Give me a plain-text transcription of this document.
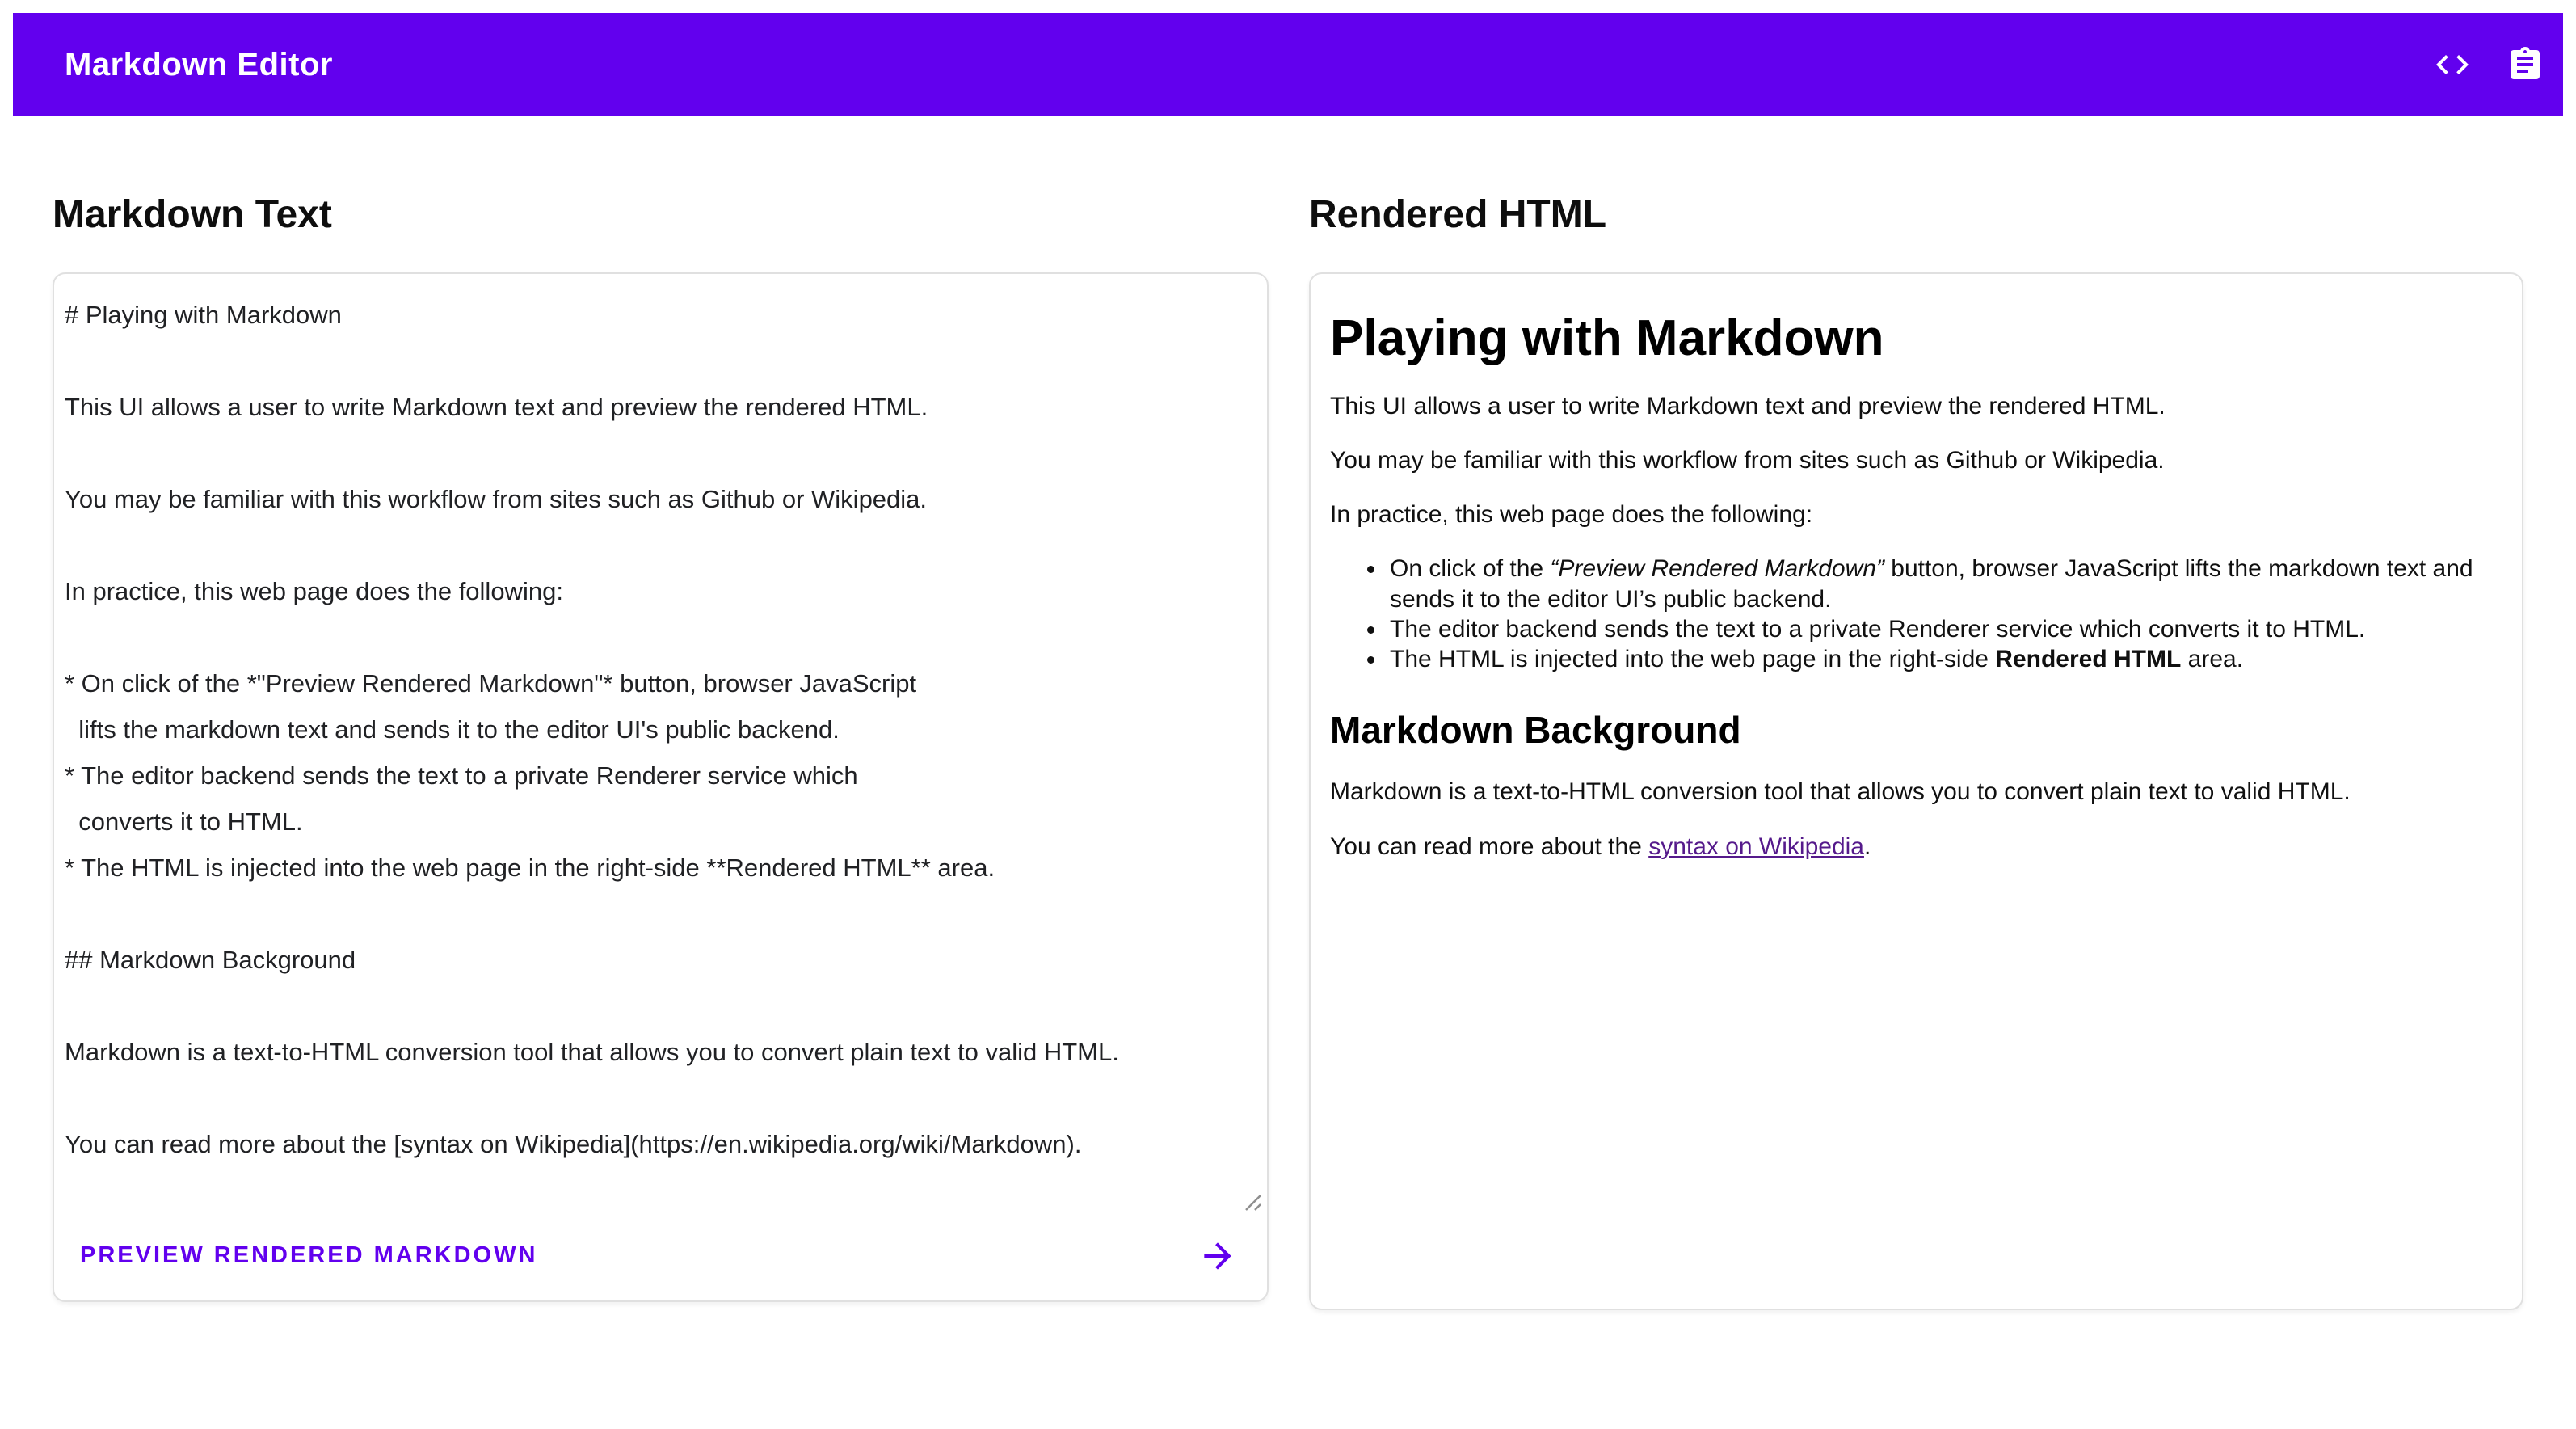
Markdown Editor
Markdown Text
# Playing with Markdown This UI allows a user to write Markdown text and preview the rendered HTML. You may be familiar with this workflow from sites such as Github or Wikipedia. In practice, this web page does the following: * On click of the *"Preview Rendered Markdown"* button, browser JavaScript lifts the markdown text and sends it to the editor UI's public backend. * The editor backend sends the text to a private Renderer service which converts it to HTML. * The HTML is injected into the web page in the right-side **Rendered HTML** area. ## Markdown Background Markdown is a text-to-HTML conversion tool that allows you to convert plain text to valid HTML. You can read more about the [syntax on Wikipedia](https://en.wikipedia.org/wiki/Markdown).
PREVIEW RENDERED MARKDOWN
Rendered HTML
Playing with Markdown

This UI allows a user to write Markdown text and preview the rendered HTML.

You may be familiar with this workflow from sites such as Github or Wikipedia.

In practice, this web page does the following:

• On click of the “Preview Rendered Markdown” button, browser JavaScript lifts the markdown text and sends it to the editor UI’s public backend.
• The editor backend sends the text to a private Renderer service which converts it to HTML.
• The HTML is injected into the web page in the right-side Rendered HTML area.
Markdown Background

Markdown is a text-to-HTML conversion tool that allows you to convert plain text to valid HTML.

You can read more about the syntax on Wikipedia.
